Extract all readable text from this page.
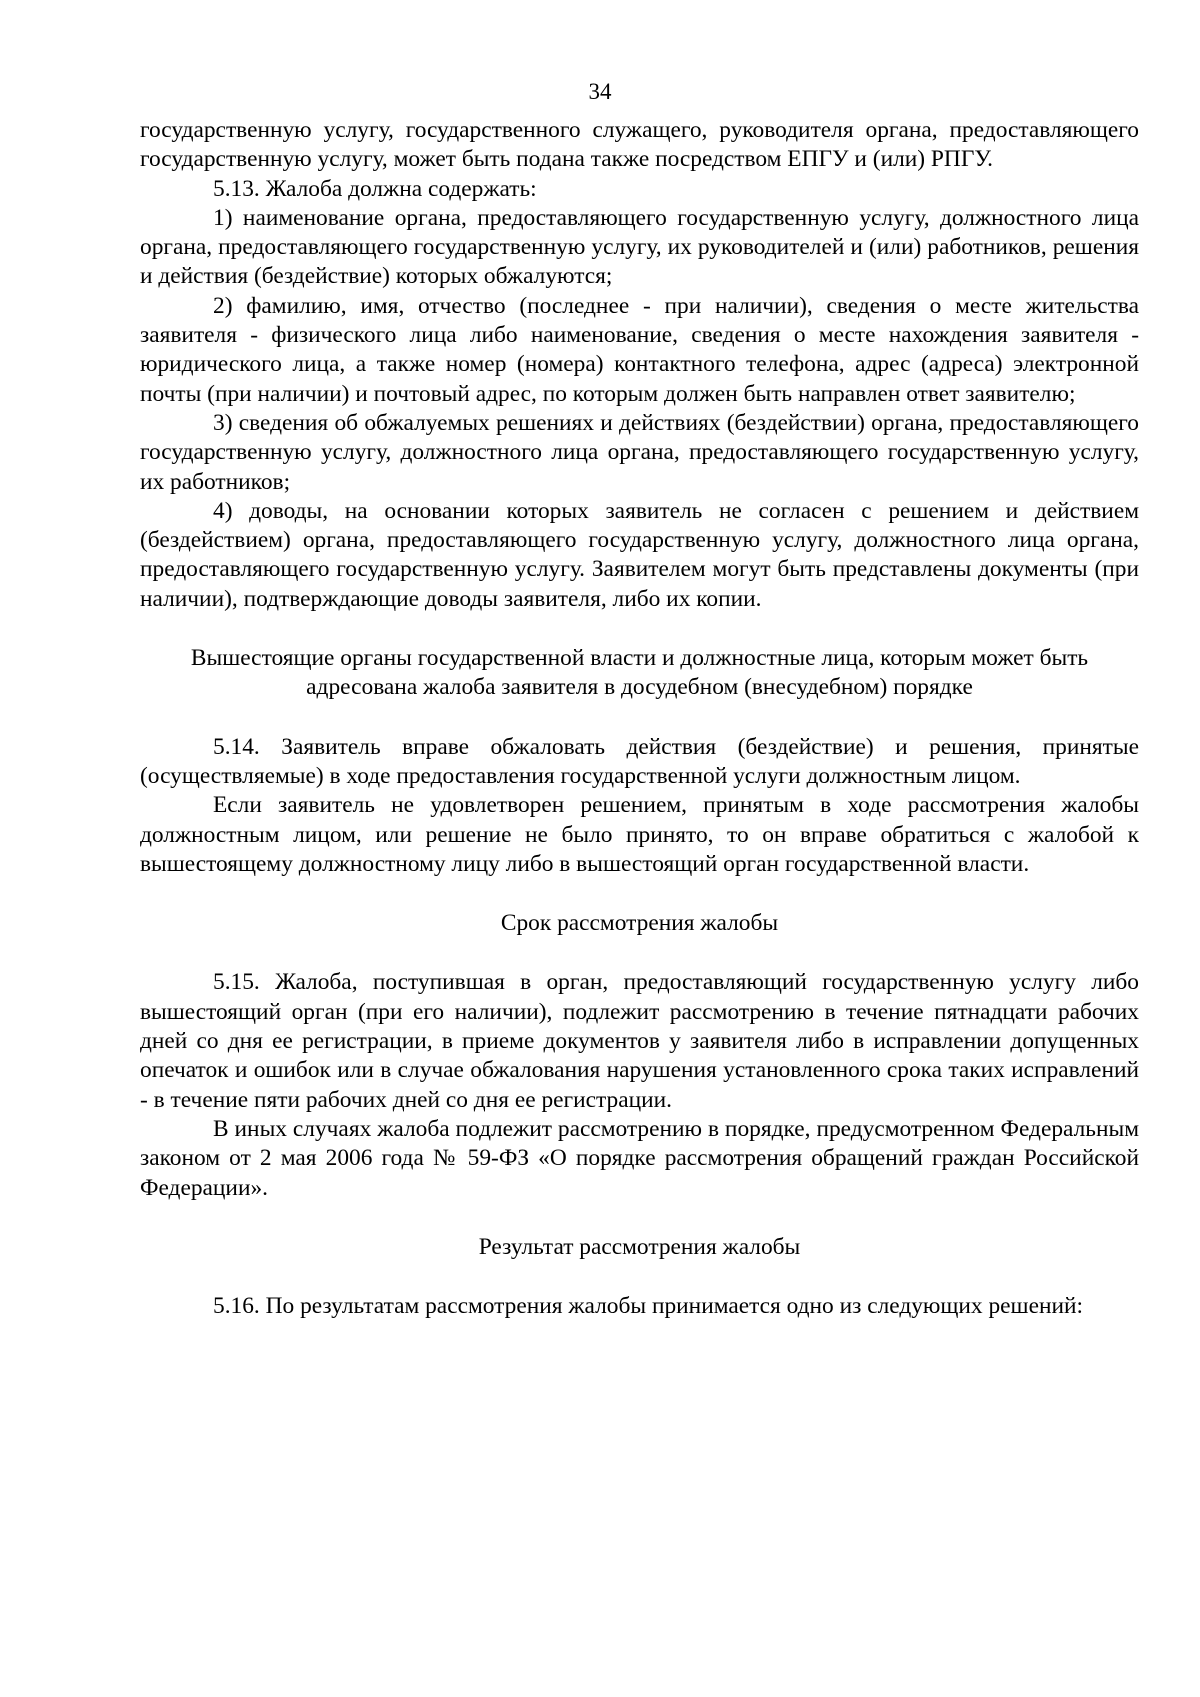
34

государственную услугу, государственного служащего, руководителя органа, предоставляющего государственную услугу, может быть подана также посредством ЕПГУ и (или) РПГУ.

5.13. Жалоба должна содержать:

1) наименование органа, предоставляющего государственную услугу, должностного лица органа, предоставляющего государственную услугу, их руководителей и (или) работников, решения и действия (бездействие) которых обжалуются;

2) фамилию, имя, отчество (последнее - при наличии), сведения о месте жительства заявителя - физического лица либо наименование, сведения о месте нахождения заявителя - юридического лица, а также номер (номера) контактного телефона, адрес (адреса) электронной почты (при наличии) и почтовый адрес, по которым должен быть направлен ответ заявителю;

3) сведения об обжалуемых решениях и действиях (бездействии) органа, предоставляющего государственную услугу, должностного лица органа, предоставляющего государственную услугу, их работников;

4) доводы, на основании которых заявитель не согласен с решением и действием (бездействием) органа, предоставляющего государственную услугу, должностного лица органа, предоставляющего государственную услугу. Заявителем могут быть представлены документы (при наличии), подтверждающие доводы заявителя, либо их копии.

Вышестоящие органы государственной власти и должностные лица, которым может быть адресована жалоба заявителя в досудебном (внесудебном) порядке

5.14. Заявитель вправе обжаловать действия (бездействие) и решения, принятые (осуществляемые) в ходе предоставления государственной услуги должностным лицом.

Если заявитель не удовлетворен решением, принятым в ходе рассмотрения жалобы должностным лицом, или решение не было принято, то он вправе обратиться с жалобой к вышестоящему должностному лицу либо в вышестоящий орган государственной власти.

Срок рассмотрения жалобы

5.15. Жалоба, поступившая в орган, предоставляющий государственную услугу либо вышестоящий орган (при его наличии), подлежит рассмотрению в течение пятнадцати рабочих дней со дня ее регистрации, в приеме документов у заявителя либо в исправлении допущенных опечаток и ошибок или в случае обжалования нарушения установленного срока таких исправлений - в течение пяти рабочих дней со дня ее регистрации.

В иных случаях жалоба подлежит рассмотрению в порядке, предусмотренном Федеральным законом от 2 мая 2006 года № 59-ФЗ «О порядке рассмотрения обращений граждан Российской Федерации».

Результат рассмотрения жалобы

5.16. По результатам рассмотрения жалобы принимается одно из следующих решений:
